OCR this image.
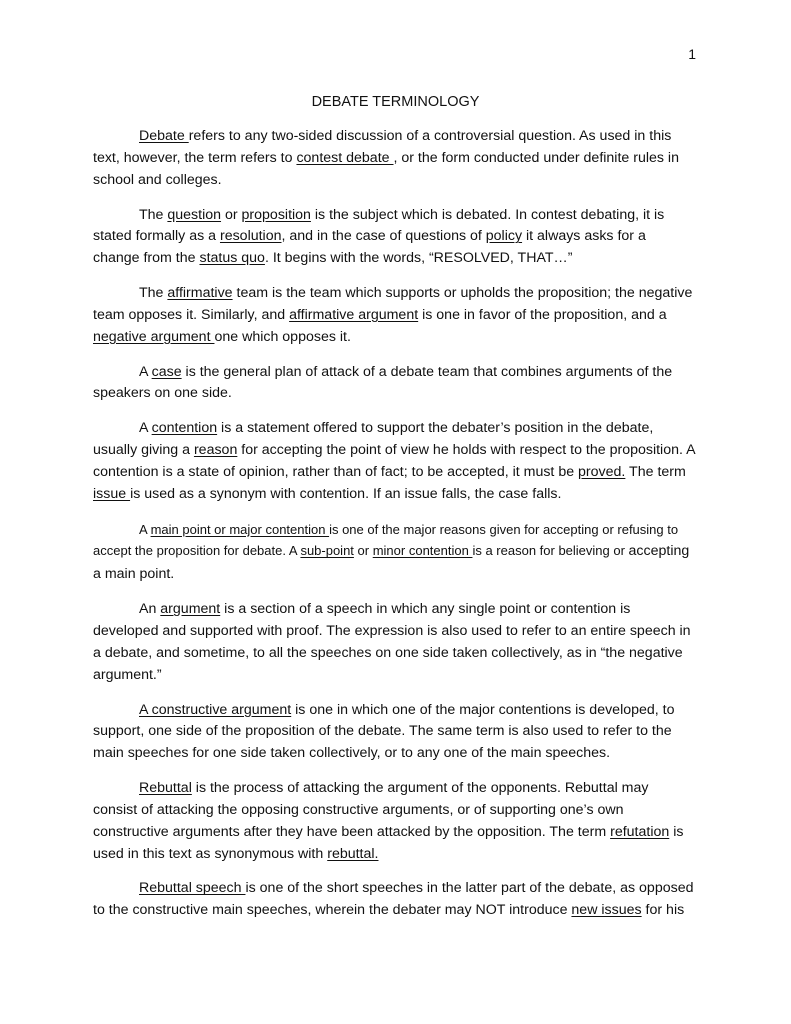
1
DEBATE TERMINOLOGY

Debate refers to any two-sided discussion of a controversial question. As used in this text, however, the term refers to contest debate , or the form conducted under definite rules in school and colleges.

The question or proposition is the subject which is debated. In contest debating, it is stated formally as a resolution, and in the case of questions of policy it always asks for a change from the status quo. It begins with the words, “RESOLVED, THAT…”

The affirmative team is the team which supports or upholds the proposition; the negative team opposes it. Similarly, and affirmative argument is one in favor of the proposition, and a negative argument one which opposes it.

A case is the general plan of attack of a debate team that combines arguments of the speakers on one side.

A contention is a statement offered to support the debater’s position in the debate, usually giving a reason for accepting the point of view he holds with respect to the proposition. A contention is a state of opinion, rather than of fact; to be accepted, it must be proved. The term issue is used as a synonym with contention. If an issue falls, the case falls.

A main point or major contention is one of the major reasons given for accepting or refusing to accept the proposition for debate. A sub-point or minor contention is a reason for believing or accepting a main point.

An argument is a section of a speech in which any single point or contention is developed and supported with proof. The expression is also used to refer to an entire speech in a debate, and sometime, to all the speeches on one side taken collectively, as in “the negative argument.”

A constructive argument is one in which one of the major contentions is developed, to support, one side of the proposition of the debate. The same term is also used to refer to the main speeches for one side taken collectively, or to any one of the main speeches.

Rebuttal is the process of attacking the argument of the opponents. Rebuttal may consist of attacking the opposing constructive arguments, or of supporting one’s own constructive arguments after they have been attacked by the opposition. The term refutation is used in this text as synonymous with rebuttal.

Rebuttal speech is one of the short speeches in the latter part of the debate, as opposed to the constructive main speeches, wherein the debater may NOT introduce new issues for his
